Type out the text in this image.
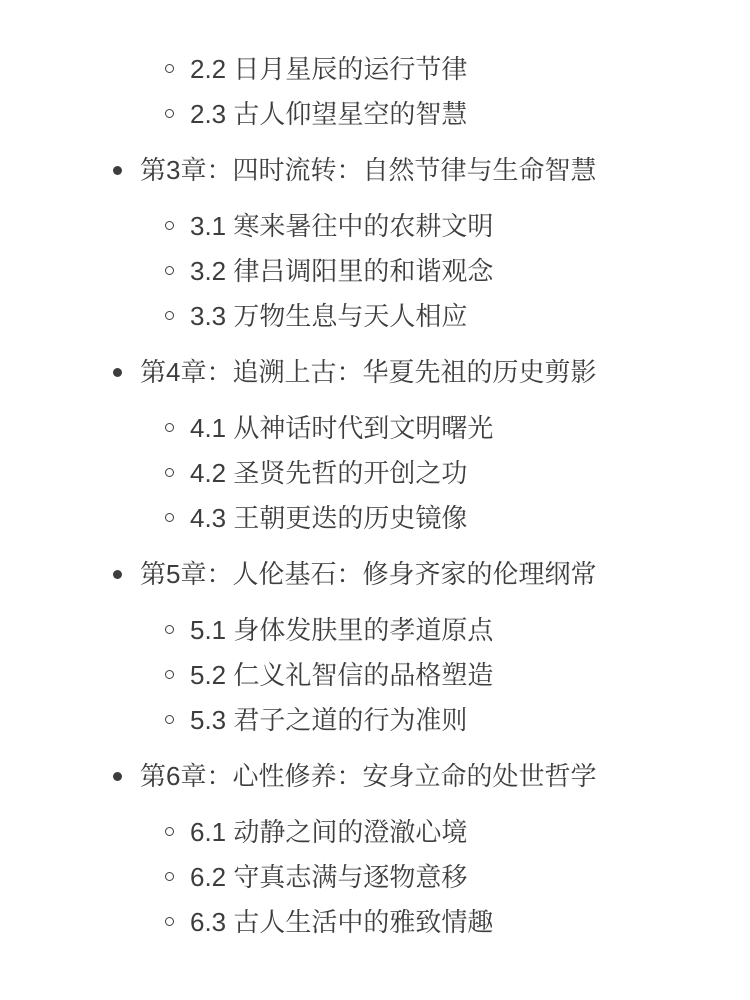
2.2 日月星辰的运行节律
2.3 古人仰望星空的智慧
第3章：四时流转：自然节律与生命智慧
3.1 寒来暑往中的农耕文明
3.2 律吕调阳里的和谐观念
3.3 万物生息与天人相应
第4章：追溯上古：华夏先祖的历史剪影
4.1 从神话时代到文明曙光
4.2 圣贤先哲的开创之功
4.3 王朝更迭的历史镜像
第5章：人伦基石：修身齐家的伦理纲常
5.1 身体发肤里的孝道原点
5.2 仁义礼智信的品格塑造
5.3 君子之道的行为准则
第6章：心性修养：安身立命的处世哲学
6.1 动静之间的澄澈心境
6.2 守真志满与逐物意移
6.3 古人生活中的雅致情趣
